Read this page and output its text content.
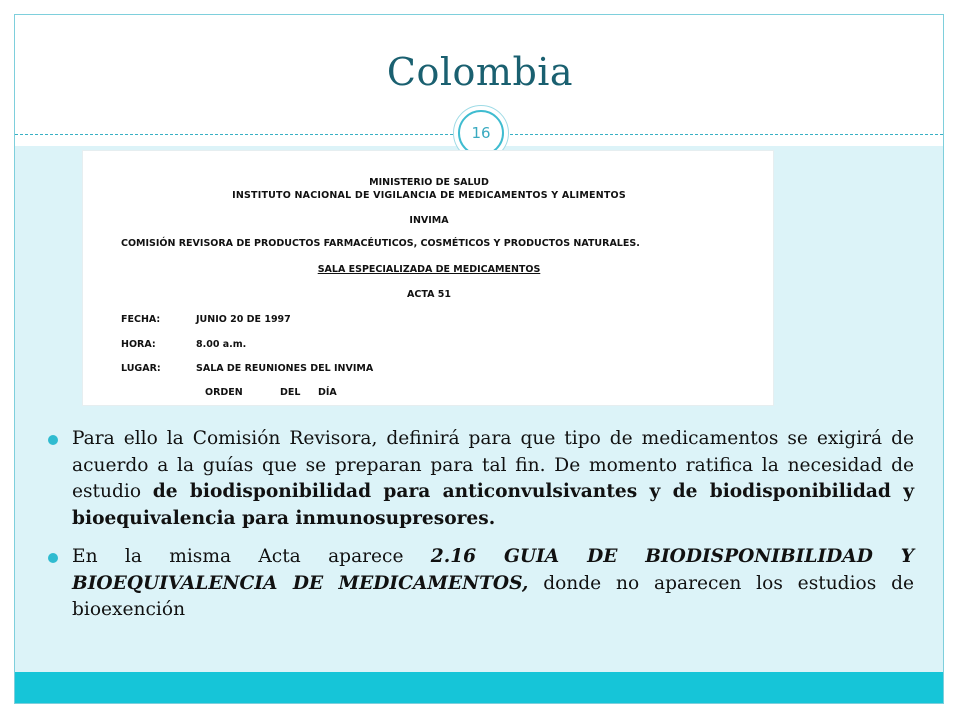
Colombia
16
MINISTERIO DE SALUD
INSTITUTO NACIONAL DE VIGILANCIA DE MEDICAMENTOS Y ALIMENTOS
INVIMA
COMISIÓN REVISORA DE PRODUCTOS FARMACÉUTICOS, COSMÉTICOS Y PRODUCTOS NATURALES.
SALA ESPECIALIZADA DE MEDICAMENTOS
ACTA 51
FECHA:	JUNIO 20 DE 1997
HORA:	8.00 a.m.
LUGAR:	SALA DE REUNIONES DEL INVIMA
ORDEN	DEL DÍA
Para ello la Comisión Revisora, definirá para que tipo de medicamentos se exigirá de acuerdo a la guías que se preparan para tal fin. De momento ratifica la necesidad de estudio de biodisponibilidad para anticonvulsivantes y de biodisponibilidad y bioequivalencia para inmunosupresores.
En la misma Acta aparece 2.16 GUIA DE BIODISPONIBILIDAD Y BIOEQUIVALENCIA DE MEDICAMENTOS, donde no aparecen los estudios de bioexención
